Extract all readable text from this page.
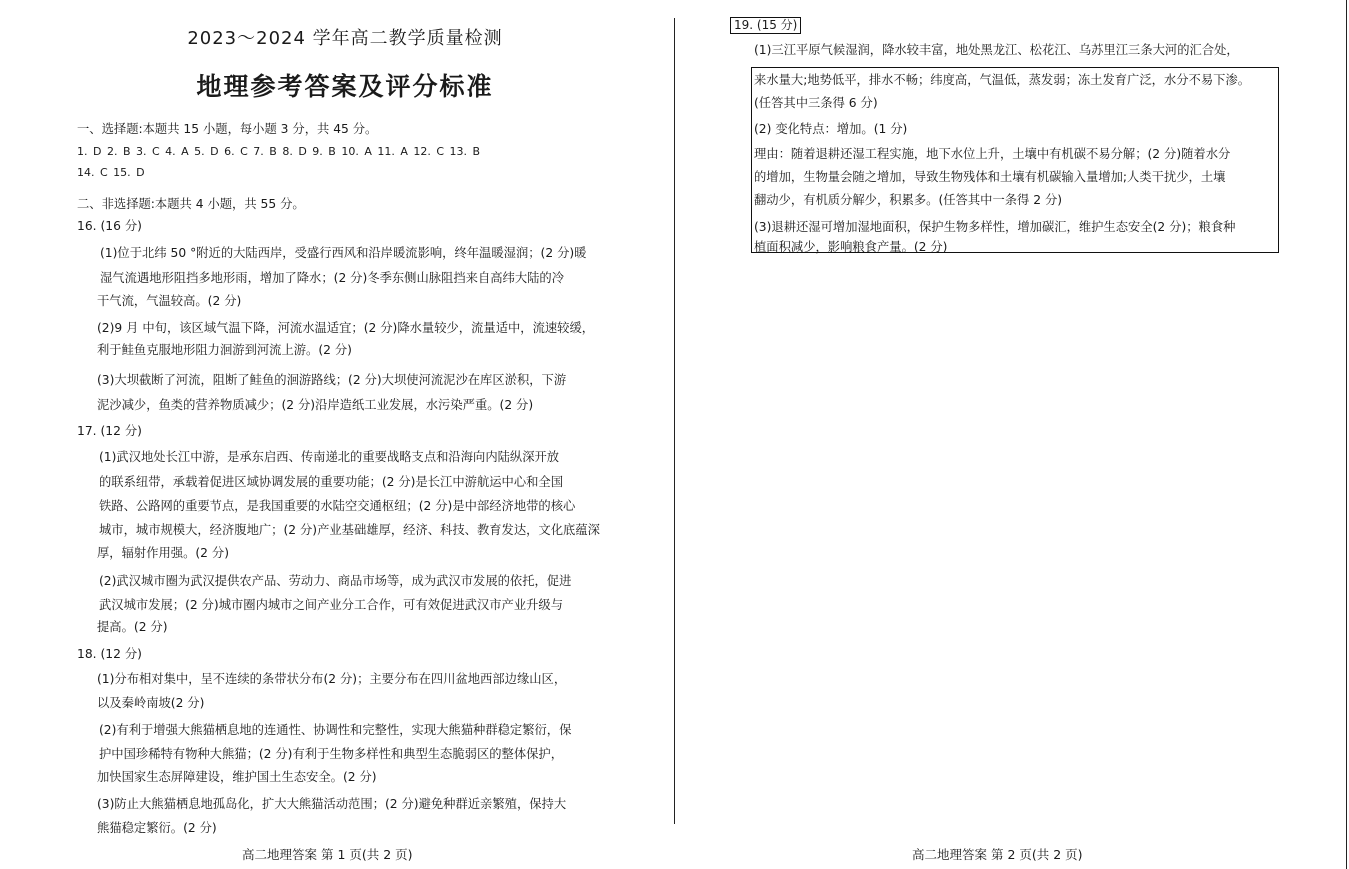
2023～2024 学年高二教学质量检测
地理参考答案及评分标准
一、选择题:本题共 15 小题，每小题 3 分，共 45 分。
1. D 2. B 3. C 4. A 5. D 6. C 7. B 8. D 9. B 10. A 11. A 12. C 13. B
14. C 15. D
二、非选择题:本题共 4 小题，共 55 分。
16. (16 分)
(1)位于北纬 50 °附近的大陆西岸，受盛行西风和沿岸暖流影响，终年温暖湿润；(2 分)暖
湿气流遇地形阻挡多地形雨，增加了降水；(2 分)冬季东侧山脉阻挡来自高纬大陆的冷
干气流，气温较高。(2 分)
(2)9 月 中旬，该区域气温下降，河流水温适宜；(2 分)降水量较少，流量适中，流速较缓，
利于鲑鱼克服地形阻力洄游到河流上游。(2 分)
(3)大坝截断了河流，阻断了鲑鱼的洄游路线；(2 分)大坝使河流泥沙在库区淤积，下游
泥沙减少，鱼类的营养物质减少；(2 分)沿岸造纸工业发展，水污染严重。(2 分)
17. (12 分)
(1)武汉地处长江中游，是承东启西、传南递北的重要战略支点和沿海向内陆纵深开放
的联系纽带，承载着促进区域协调发展的重要功能；(2 分)是长江中游航运中心和全国
铁路、公路网的重要节点，是我国重要的水陆空交通枢纽；(2 分)是中部经济地带的核心
城市，城市规模大，经济腹地广；(2 分)产业基础雄厚，经济、科技、教育发达，文化底蕴深
厚，辐射作用强。(2 分)
(2)武汉城市圈为武汉提供农产品、劳动力、商品市场等，成为武汉市发展的依托，促进
武汉城市发展；(2 分)城市圈内城市之间产业分工合作，可有效促进武汉市产业升级与
提高。(2 分)
18. (12 分)
(1)分布相对集中，呈不连续的条带状分布(2 分)；主要分布在四川盆地西部边缘山区，
以及秦岭南坡(2 分)
(2)有利于增强大熊猫栖息地的连通性、协调性和完整性，实现大熊猫种群稳定繁衍，保
护中国珍稀特有物种大熊猫；(2 分)有利于生物多样性和典型生态脆弱区的整体保护，
加快国家生态屏障建设，维护国土生态安全。(2 分)
(3)防止大熊猫栖息地孤岛化，扩大大熊猫活动范围；(2 分)避免种群近亲繁殖，保持大
熊猫稳定繁衍。(2 分)
高二地理答案 第 1 页(共 2 页)	高二地理答案 第 2 页(共 2 页)
19. (15 分)
(1)三江平原气候湿润，降水较丰富，地处黑龙江、松花江、乌苏里江三条大河的汇合处，
来水量大;地势低平，排水不畅；纬度高，气温低，蒸发弱；冻土发育广泛，水分不易下渗。
(任答其中三条得 6 分)
(2) 变化特点：增加。(1 分)
理由：随着退耕还湿工程实施，地下水位上升，土壤中有机碳不易分解；(2 分)随着水分
的增加，生物量会随之增加，导致生物残体和土壤有机碳输入量增加;人类干扰少，土壤
翻动少，有机质分解少，积累多。(任答其中一条得 2 分)
(3)退耕还湿可增加湿地面积，保护生物多样性，增加碳汇，维护生态安全(2 分)；粮食种
植面积减少，影响粮食产量。(2 分)
